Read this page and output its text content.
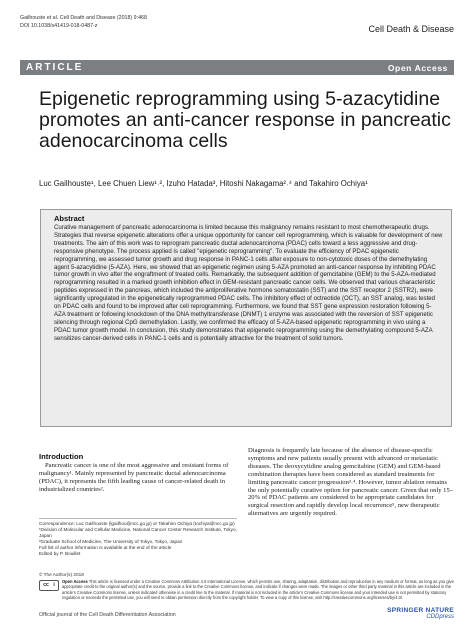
Gailhouste et al. Cell Death and Disease (2018) 9:468
DOI 10.1038/s41419-018-0487-z	Cell Death & Disease
ARTICLE	Open Access
Epigenetic reprogramming using 5-azacytidine promotes an anti-cancer response in pancreatic adenocarcinoma cells
Luc Gailhouste¹, Lee Chuen Liew¹˒², Izuho Hatada³, Hitoshi Nakagama²˒⁴ and Takahiro Ochiya¹
Abstract

Curative management of pancreatic adenocarcinoma is limited because this malignancy remains resistant to most chemotherapeutic drugs. Strategies that reverse epigenetic alterations offer a unique opportunity for cancer cell reprogramming, which is valuable for development of new treatments. The aim of this work was to reprogram pancreatic ductal adenocarcinoma (PDAC) cells toward a less aggressive and drug-responsive phenotype. The process applied is called "epigenetic reprogramming". To evaluate the efficiency of PDAC epigenetic reprogramming, we assessed tumor growth and drug response in PANC-1 cells after exposure to non-cytotoxic doses of the demethylating agent 5-azacytidine (5-AZA). Here, we showed that an epigenetic regimen using 5-AZA promoted an anti-cancer response by inhibiting PDAC tumor growth in vivo after the engraftment of treated cells. Remarkably, the subsequent addition of gemcitabine (GEM) to the 5-AZA-mediated reprogramming resulted in a marked growth inhibition effect in GEM-resistant pancreatic cancer cells. We observed that various characteristic peptides expressed in the pancreas, which included the antiproliferative hormone somatostatin (SST) and the SST receptor 2 (SSTR2), were significantly upregulated in the epigenetically reprogrammed PDAC cells. The inhibitory effect of octreotide (OCT), an SST analog, was tested on PDAC cells and found to be improved after cell reprogramming. Furthermore, we found that SST gene expression restoration following 5-AZA treatment or following knockdown of the DNA methyltransferase (DNMT) 1 enzyme was associated with the reversion of SST epigenetic silencing through regional CpG demethylation. Lastly, we confirmed the efficacy of 5-AZA-based epigenetic reprogramming in vivo using a PDAC tumor growth model. In conclusion, this study demonstrates that epigenetic reprogramming using the demethylating compound 5-AZA sensitizes cancer-derived cells in PANC-1 cells and is potentially attractive for the treatment of solid tumors.

Introduction

Pancreatic cancer is one of the most aggressive and resistant forms of malignancy¹. Mainly represented by pancreatic ductal adenocarcinoma (PDAC), it represents the fifth leading cause of cancer-related death in industrialized countries².

Diagnosis is frequently late because of the absence of disease-specific symptoms and new patients usually present with advanced or metastatic diseases. The deoxycytidine analog gemcitabine (GEM) and GEM-based combination therapies have been considered as standard treatments for limiting pancreatic cancer progression³˒⁴. However, tumor ablation remains the only potentially curative option for pancreatic cancer. Given that only 15–20% of PDAC patients are considered to be appropriate candidates for surgical resection and rapidly develop local recurrence⁵, new therapeutic alternatives are urgently required.

Correspondence: Luc Gailhouste (lgailhou@ncc.go.jp) or Takahiro Ochiya (tochiya@ncc.go.jp)
¹Division of Molecular and Cellular Medicine, National Cancer Center Research Institute, Tokyo, Japan
²Graduate School of Medicine, The University of Tokyo, Tokyo, Japan
Full list of author information is available at the end of the article
Edited by P. Bouillet
© The Author(s) 2018
cc i
Open Access This article is licensed under a Creative Commons Attribution 4.0 International License, which permits use, sharing, adaptation, distribution and reproduction in any medium or format, as long as you give appropriate credit to the original author(s) and the source, provide a link to the Creative Commons license, and indicate if changes were made. The images or other third party material in this article are included in the article's Creative Commons license, unless indicated otherwise in a credit line to the material. If material is not included in the article's Creative Commons license and your intended use is not permitted by statutory regulation or exceeds the permitted use, you will need to obtain permission directly from the copyright holder. To view a copy of this license, visit http://creativecommons.org/licenses/by/4.0/.
Official journal of the Cell Death Differentiation Association
SPRINGER NATURE
CDDpress
